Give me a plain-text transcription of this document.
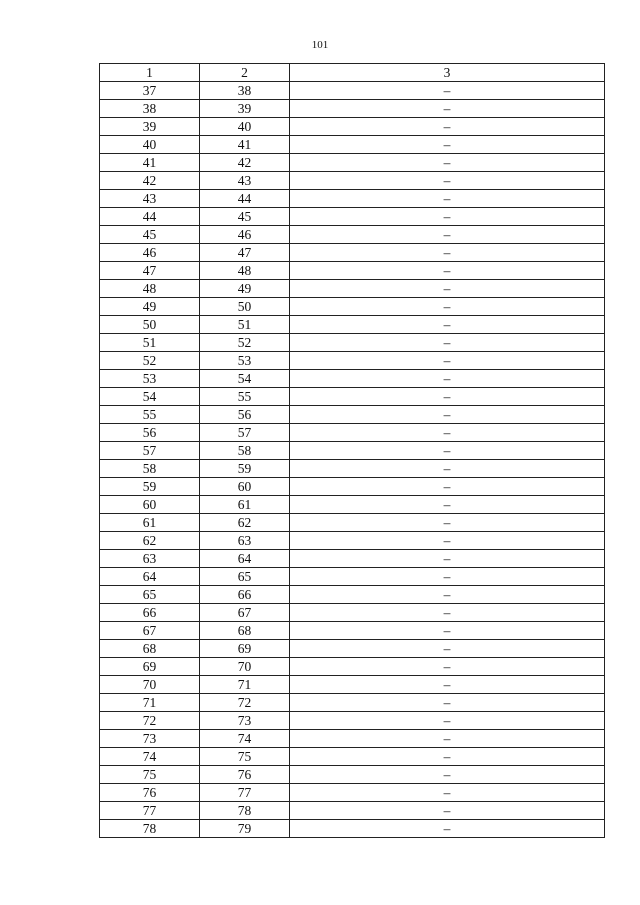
101
1	2	3
37	38	–
38	39	–
39	40	–
40	41	–
41	42	–
42	43	–
43	44	–
44	45	–
45	46	–
46	47	–
47	48	–
48	49	–
49	50	–
50	51	–
51	52	–
52	53	–
53	54	–
54	55	–
55	56	–
56	57	–
57	58	–
58	59	–
59	60	–
60	61	–
61	62	–
62	63	–
63	64	–
64	65	–
65	66	–
66	67	–
67	68	–
68	69	–
69	70	–
70	71	–
71	72	–
72	73	–
73	74	–
74	75	–
75	76	–
76	77	–
77	78	–
78	79	–
